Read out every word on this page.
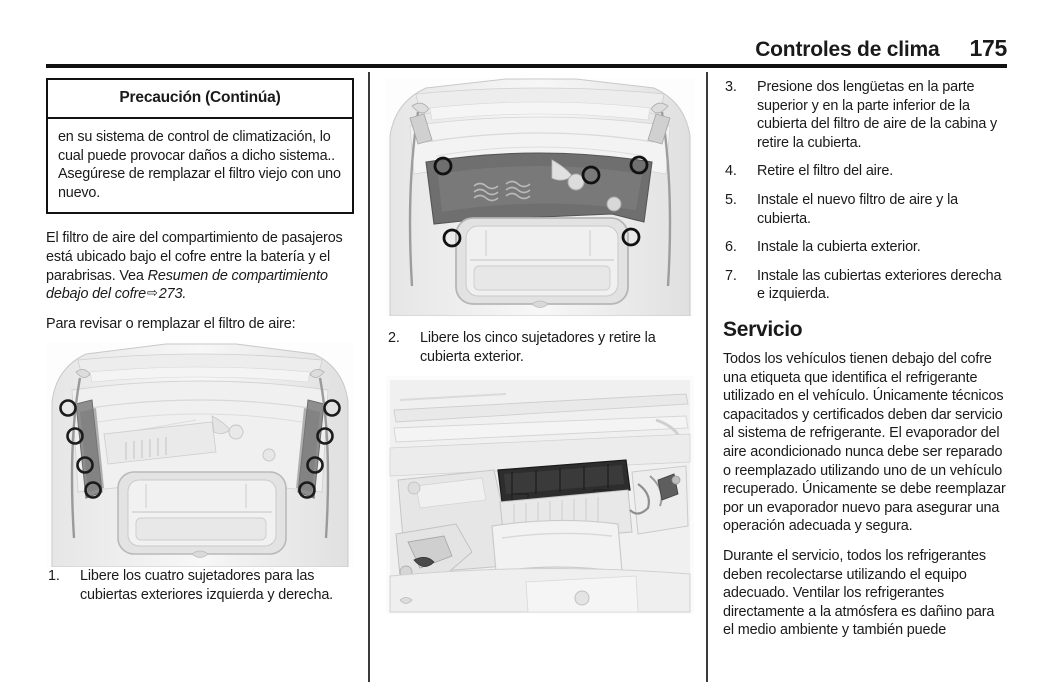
Controles de clima 175
Precaución (Continúa)
en su sistema de control de climatización, lo cual puede provocar daños a dicho sistema.. Asegúrese de remplazar el filtro viejo con uno nuevo.

El filtro de aire del compartimiento de pasajeros está ubicado bajo el cofre entre la batería y el parabrisas. Vea Resumen de compartimiento debajo del cofre⇨273.

Para revisar o remplazar el filtro de aire:

1.	Libere los cuatro sujetadores para las cubiertas exteriores izquierda y derecha.
2.	Libere los cinco sujetadores y retire la cubierta exterior.
3.	Presione dos lengüetas en la parte superior y en la parte inferior de la cubierta del filtro de aire de la cabina y retire la cubierta.
4.	Retire el filtro del aire.
5.	Instale el nuevo filtro de aire y la cubierta.
6.	Instale la cubierta exterior.
7.	Instale las cubiertas exteriores derecha e izquierda.
Servicio

Todos los vehículos tienen debajo del cofre una etiqueta que identifica el refrigerante utilizado en el vehículo. Únicamente técnicos capacitados y certificados deben dar servicio al sistema de refrigerante. El evaporador del aire acondicionado nunca debe ser reparado o reemplazado utilizando uno de un vehículo recuperado. Únicamente se debe reemplazar por un evaporador nuevo para asegurar una operación adecuada y segura.

Durante el servicio, todos los refrigerantes deben recolectarse utilizando el equipo adecuado. Ventilar los refrigerantes directamente a la atmósfera es dañino para el medio ambiente y también puede
